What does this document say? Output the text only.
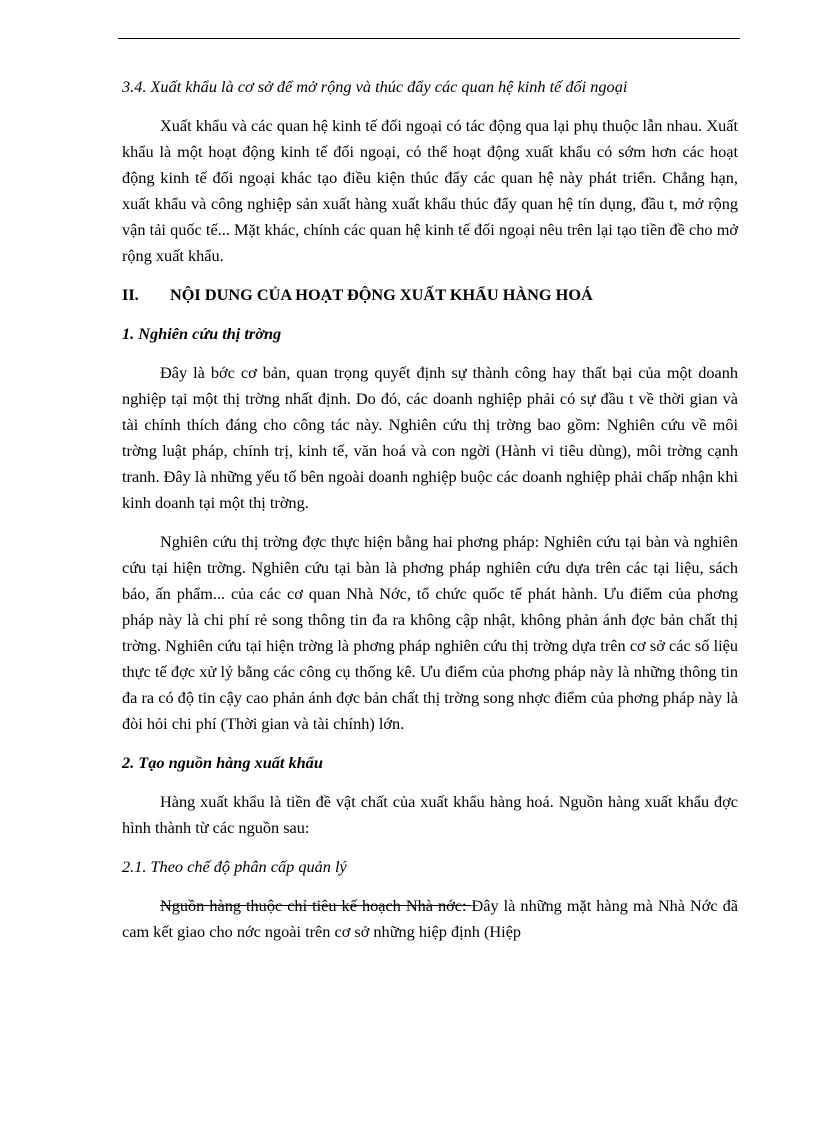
3.4. Xuất khẩu là cơ sở để mở rộng và thúc đẩy các quan hệ kinh tế đối ngoại

Xuất khẩu và các quan hệ kinh tế đối ngoại có tác động qua lại phụ thuộc lẫn nhau. Xuất khẩu là một hoạt động kinh tế đối ngoại, có thể hoạt động xuất khẩu có sớm hơn các hoạt động kinh tế đối ngoại khác tạo điều kiện thúc đẩy các quan hệ này phát triển. Chẳng hạn, xuất khẩu và công nghiệp sản xuất hàng xuất khẩu thúc đẩy quan hệ tín dụng, đầu t, mở rộng vận tải quốc tế... Mặt khác, chính các quan hệ kinh tế đối ngoại nêu trên lại tạo tiền đề cho mở rộng xuất khẩu.

II. NỘI DUNG CỦA HOẠT ĐỘNG XUẤT KHẨU HÀNG HOÁ

1. Nghiên cứu thị trờng

Đây là bớc cơ bản, quan trọng quyết định sự thành công hay thất bại của một doanh nghiệp tại một thị trờng nhất định. Do đó, các doanh nghiệp phải có sự đầu t về thời gian và tài chính thích đáng cho công tác này. Nghiên cứu thị trờng bao gồm: Nghiên cứu về môi trờng luật pháp, chính trị, kinh tế, văn hoá và con ngời (Hành vi tiêu dùng), môi trờng cạnh tranh. Đây là những yếu tố bên ngoài doanh nghiệp buộc các doanh nghiệp phải chấp nhận khi kinh doanh tại một thị trờng.

Nghiên cứu thị trờng đợc thực hiện bằng hai phơng pháp: Nghiên cứu tại bàn và nghiên cứu tại hiện trờng. Nghiên cứu tại bàn là phơng pháp nghiên cứu dựa trên các tại liệu, sách báo, ấn phẩm... của các cơ quan Nhà Nớc, tổ chức quốc tế phát hành. Ưu điểm của phơng pháp này là chi phí rẻ song thông tin đa ra không cập nhật, không phản ánh đợc bản chất thị trờng. Nghiên cứu tại hiện trờng là phơng pháp nghiên cứu thị trờng dựa trên cơ sở các số liệu thực tế đợc xử lý bằng các công cụ thống kê. Ưu điểm của phơng pháp này là những thông tin đa ra có độ tin cậy cao phản ánh đợc bản chất thị trờng song nhợc điểm của phơng pháp này là đòi hỏi chi phí (Thời gian và tài chính) lớn.

2. Tạo nguồn hàng xuất khẩu

Hàng xuất khẩu là tiền đề vật chất của xuất khẩu hàng hoá. Nguồn hàng xuất khẩu đợc hình thành từ các nguồn sau:

2.1. Theo chế độ phân cấp quản lý

Nguồn hàng thuộc chỉ tiêu kế hoạch Nhà nớc: Đây là những mặt hàng mà Nhà Nớc đã cam kết giao cho nớc ngoài trên cơ sở những hiệp định (Hiệp
